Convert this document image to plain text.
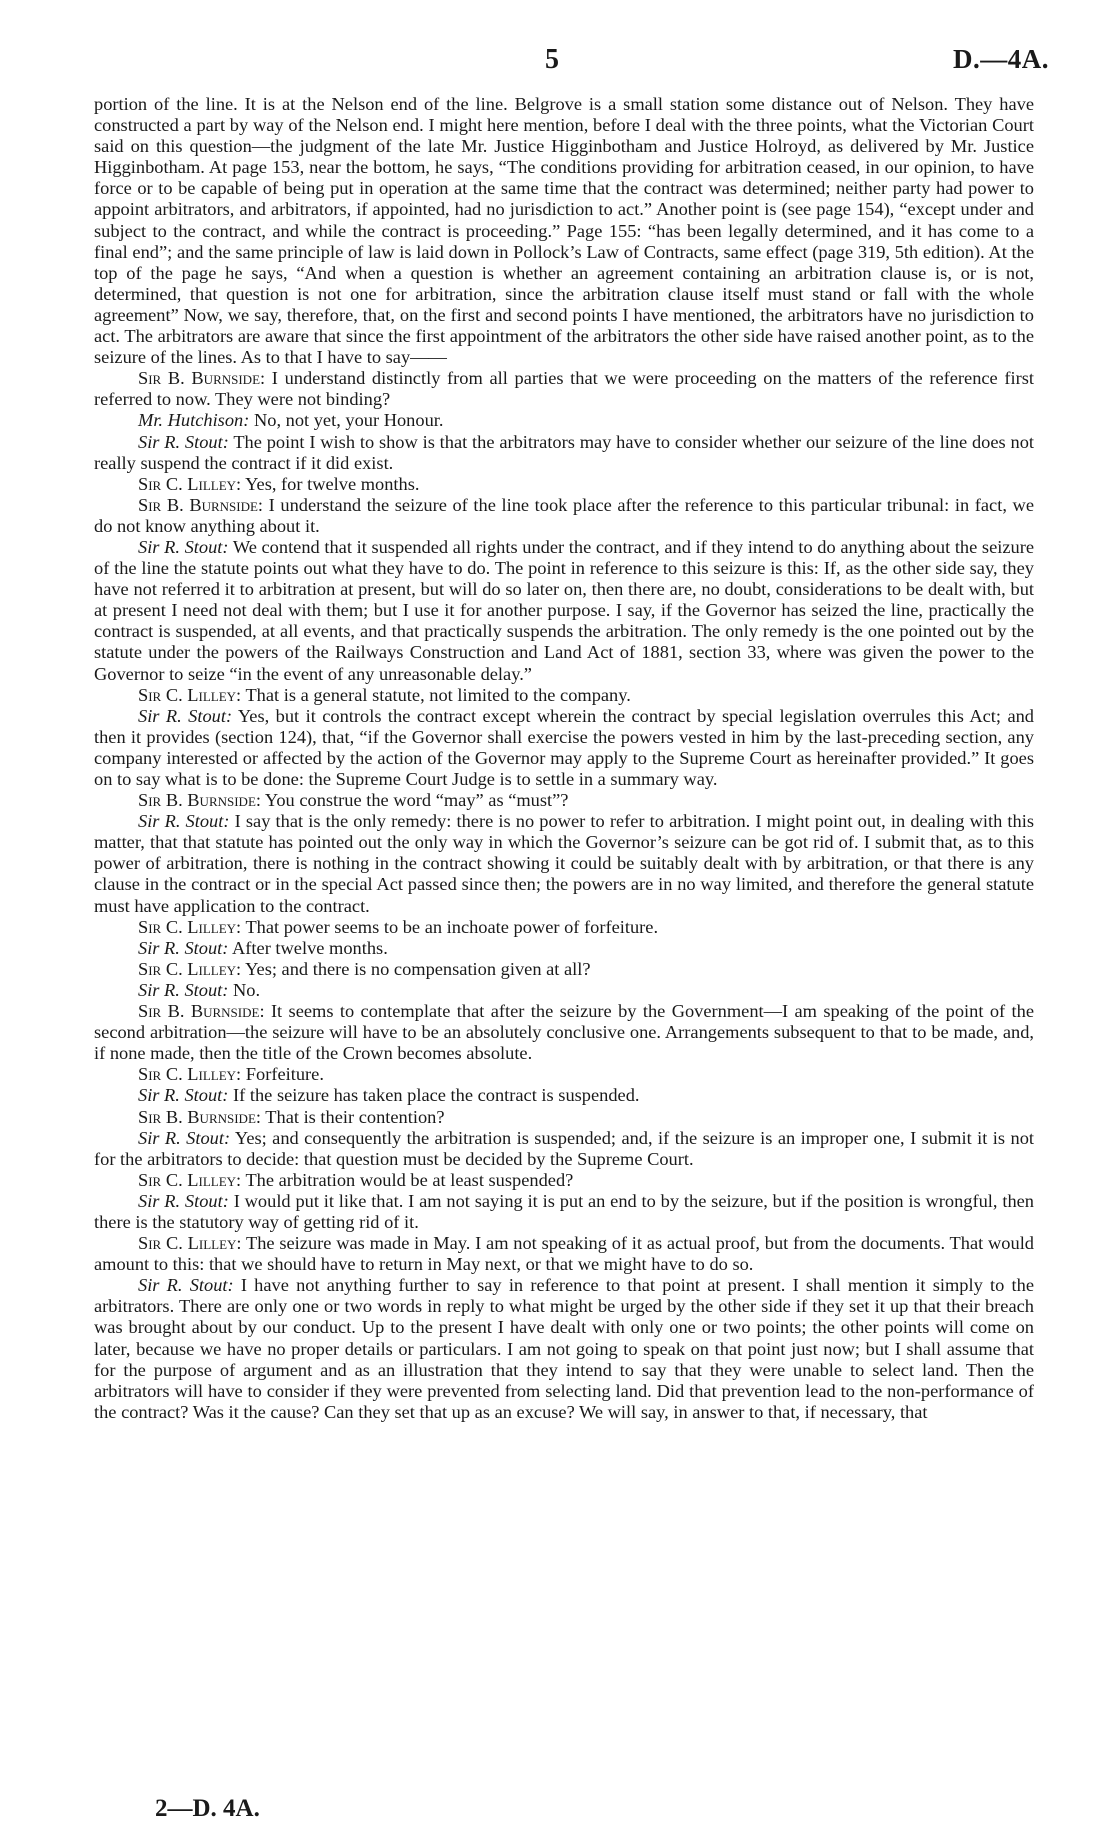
5	D.—4A.

portion of the line. It is at the Nelson end of the line. Belgrove is a small station some distance out of Nelson. They have constructed a part by way of the Nelson end. I might here mention, before I deal with the three points, what the Victorian Court said on this question—the judgment of the late Mr. Justice Higginbotham and Justice Holroyd, as delivered by Mr. Justice Higginbotham. At page 153, near the bottom, he says, “The conditions providing for arbitration ceased, in our opinion, to have force or to be capable of being put in operation at the same time that the contract was determined; neither party had power to appoint arbitrators, and arbitrators, if appointed, had no jurisdiction to act.” Another point is (see page 154), “except under and subject to the contract, and while the contract is proceeding.” Page 155: “has been legally determined, and it has come to a final end”; and the same principle of law is laid down in Pollock’s Law of Contracts, same effect (page 319, 5th edition). At the top of the page he says, “And when a question is whether an agreement containing an arbitration clause is, or is not, determined, that question is not one for arbitration, since the arbitration clause itself must stand or fall with the whole agreement” Now, we say, therefore, that, on the first and second points I have mentioned, the arbitrators have no jurisdiction to act. The arbitrators are aware that since the first appointment of the arbitrators the other side have raised another point, as to the seizure of the lines. As to that I have to say——

Sir B. Burnside: I understand distinctly from all parties that we were proceeding on the matters of the reference first referred to now. They were not binding?

Mr. Hutchison: No, not yet, your Honour.

Sir R. Stout: The point I wish to show is that the arbitrators may have to consider whether our seizure of the line does not really suspend the contract if it did exist.

Sir C. Lilley: Yes, for twelve months.

Sir B. Burnside: I understand the seizure of the line took place after the reference to this particular tribunal: in fact, we do not know anything about it.

Sir R. Stout: We contend that it suspended all rights under the contract, and if they intend to do anything about the seizure of the line the statute points out what they have to do. The point in reference to this seizure is this: If, as the other side say, they have not referred it to arbitration at present, but will do so later on, then there are, no doubt, considerations to be dealt with, but at present I need not deal with them; but I use it for another purpose. I say, if the Governor has seized the line, practically the contract is suspended, at all events, and that practically suspends the arbitration. The only remedy is the one pointed out by the statute under the powers of the Railways Construction and Land Act of 1881, section 33, where was given the power to the Governor to seize “in the event of any unreasonable delay.”

Sir C. Lilley: That is a general statute, not limited to the company.

Sir R. Stout: Yes, but it controls the contract except wherein the contract by special legislation overrules this Act; and then it provides (section 124), that, “if the Governor shall exercise the powers vested in him by the last-preceding section, any company interested or affected by the action of the Governor may apply to the Supreme Court as hereinafter provided.” It goes on to say what is to be done: the Supreme Court Judge is to settle in a summary way.

Sir B. Burnside: You construe the word “may” as “must”?

Sir R. Stout: I say that is the only remedy: there is no power to refer to arbitration. I might point out, in dealing with this matter, that that statute has pointed out the only way in which the Governor’s seizure can be got rid of. I submit that, as to this power of arbitration, there is nothing in the contract showing it could be suitably dealt with by arbitration, or that there is any clause in the contract or in the special Act passed since then; the powers are in no way limited, and therefore the general statute must have application to the contract.

Sir C. Lilley: That power seems to be an inchoate power of forfeiture.

Sir R. Stout: After twelve months.

Sir C. Lilley: Yes; and there is no compensation given at all?

Sir R. Stout: No.

Sir B. Burnside: It seems to contemplate that after the seizure by the Government—I am speaking of the point of the second arbitration—the seizure will have to be an absolutely conclusive one. Arrangements subsequent to that to be made, and, if none made, then the title of the Crown becomes absolute.

Sir C. Lilley: Forfeiture.

Sir R. Stout: If the seizure has taken place the contract is suspended.

Sir B. Burnside: That is their contention?

Sir R. Stout: Yes; and consequently the arbitration is suspended; and, if the seizure is an improper one, I submit it is not for the arbitrators to decide: that question must be decided by the Supreme Court.

Sir C. Lilley: The arbitration would be at least suspended?

Sir R. Stout: I would put it like that. I am not saying it is put an end to by the seizure, but if the position is wrongful, then there is the statutory way of getting rid of it.

Sir C. Lilley: The seizure was made in May. I am not speaking of it as actual proof, but from the documents. That would amount to this: that we should have to return in May next, or that we might have to do so.

Sir R. Stout: I have not anything further to say in reference to that point at present. I shall mention it simply to the arbitrators. There are only one or two words in reply to what might be urged by the other side if they set it up that their breach was brought about by our conduct. Up to the present I have dealt with only one or two points; the other points will come on later, because we have no proper details or particulars. I am not going to speak on that point just now; but I shall assume that for the purpose of argument and as an illustration that they intend to say that they were unable to select land. Then the arbitrators will have to consider if they were prevented from selecting land. Did that prevention lead to the non-performance of the contract? Was it the cause? Can they set that up as an excuse? We will say, in answer to that, if necessary, that

2—D. 4A.
